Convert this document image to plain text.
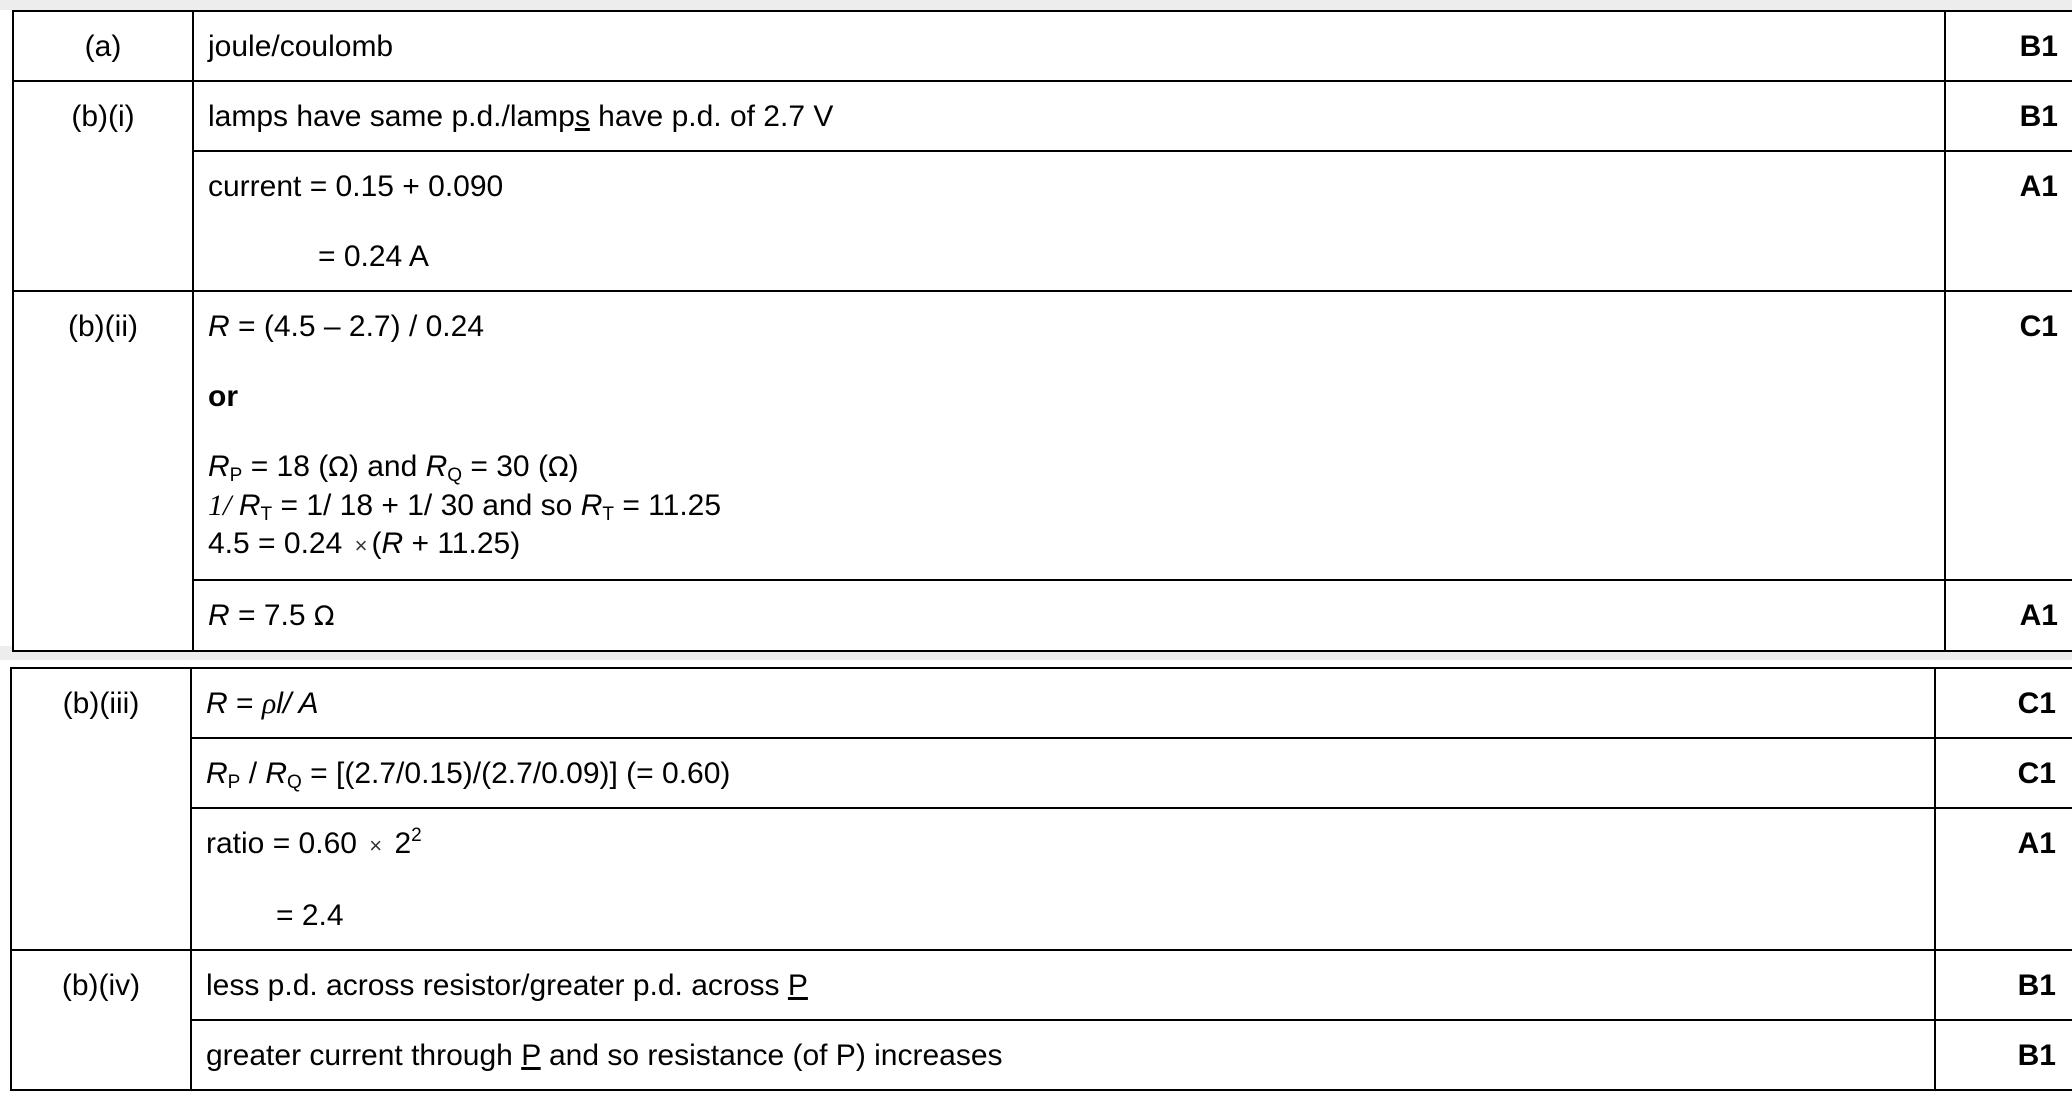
(a)	joule/coulomb	B1
(b)(i)	lamps have same p.d./lamps have p.d. of 2.7 V	B1

	current = 0.15 + 0.090
= 0.24 A	A1
(b)(ii)	R = (4.5 – 2.7) / 0.24
or
$R_P = 18$ (Ω) and $R_Q = 30$ (Ω)
1/ $R_T = 1/$ 18 + 1/ 30 and so $R_T = 11.25$
4.5 = 0.24 × (R + 11.25)	C1

	R = 7.5 Ω	A1
(b)(iii)	R = ρl/ A	C1

	$R_P / R_Q = [(2.7/0.15)/(2.7/0.09)]$ (= 0.60)	C1

	ratio = $0.60 \times 2^2$
= 2.4	A1
(b)(iv)	less p.d. across resistor/greater p.d. across P	B1

	greater current through P and so resistance (of P) increases	B1
